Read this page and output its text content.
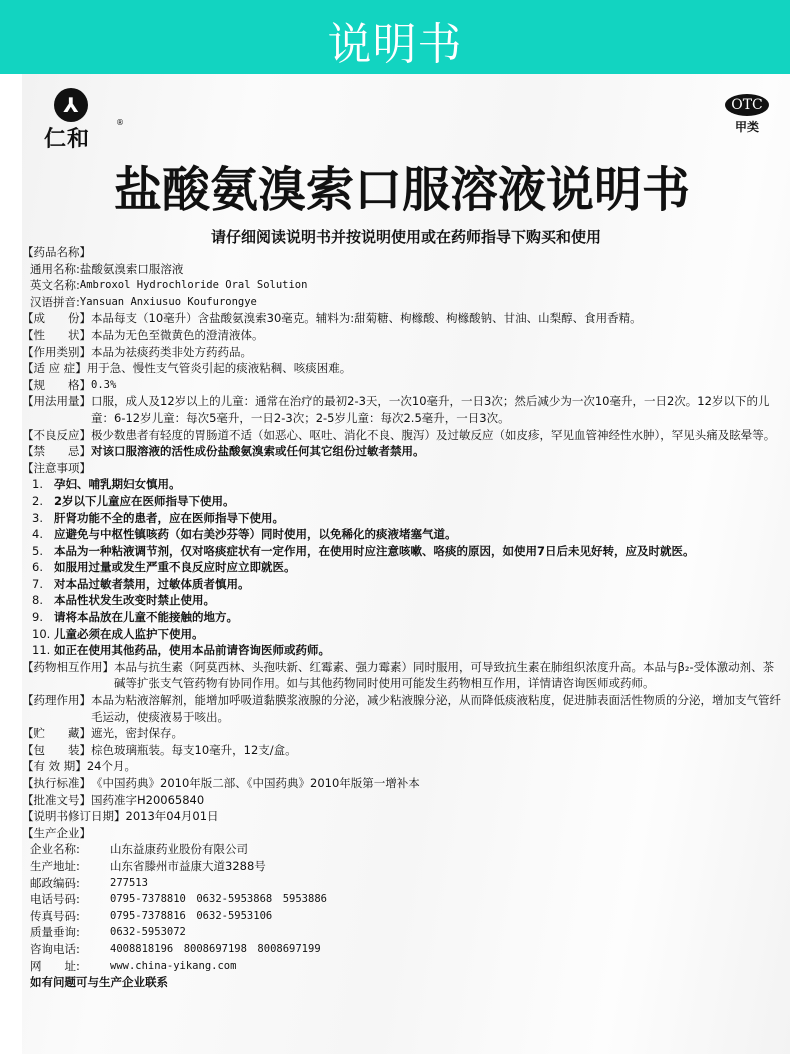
说明书
⅄
仁和
®
OTC
甲类
盐酸氨溴索口服溶液说明书
请仔细阅读说明书并按说明使用或在药师指导下购买和使用
【药品名称】
通用名称: 盐酸氨溴索口服溶液
英文名称: Ambroxol Hydrochloride Oral Solution
汉语拼音: Yansuan Anxiusuo Koufurongye
【成　　份】 本品每支（10毫升）含盐酸氨溴索30毫克。辅料为:甜菊糖、枸橼酸、枸橼酸钠、甘油、山梨醇、食用香精。
【性　　状】 本品为无色至微黄色的澄清液体。
【作用类别】 本品为祛痰药类非处方药药品。
【适 应 症】 用于急、慢性支气管炎引起的痰液粘稠、咳痰困难。
【规　　格】 0.3%
【用法用量】 口服，成人及12岁以上的儿童：通常在治疗的最初2-3天，一次10毫升，一日3次；然后减少为一次10毫升，一日2次。12岁以下的儿童：6-12岁儿童：每次5毫升，一日2-3次；2-5岁儿童：每次2.5毫升，一日3次。
【不良反应】 极少数患者有轻度的胃肠道不适（如恶心、呕吐、消化不良、腹泻）及过敏反应（如皮疹，罕见血管神经性水肿），罕见头痛及眩晕等。
【禁　　忌】 对该口服溶液的活性成份盐酸氨溴索或任何其它组份过敏者禁用。
【注意事项】
1. 孕妇、哺乳期妇女慎用。
2. 2岁以下儿童应在医师指导下使用。
3. 肝肾功能不全的患者，应在医师指导下使用。
4. 应避免与中枢性镇咳药（如右美沙芬等）同时使用，以免稀化的痰液堵塞气道。
5. 本品为一种粘液调节剂，仅对咯痰症状有一定作用，在使用时应注意咳嗽、咯痰的原因，如使用7日后未见好转，应及时就医。
6. 如服用过量或发生严重不良反应时应立即就医。
7. 对本品过敏者禁用，过敏体质者慎用。
8. 本品性状发生改变时禁止使用。
9. 请将本品放在儿童不能接触的地方。
10. 儿童必须在成人监护下使用。
11. 如正在使用其他药品，使用本品前请咨询医师或药师。
【药物相互作用】 本品与抗生素（阿莫西林、头孢呋新、红霉素、强力霉素）同时服用，可导致抗生素在肺组织浓度升高。本品与β₂-受体激动剂、茶碱等扩张支气管药物有协同作用。如与其他药物同时使用可能发生药物相互作用，详情请咨询医师或药师。
【药理作用】 本品为粘液溶解剂，能增加呼吸道黏膜浆液腺的分泌，减少粘液腺分泌，从而降低痰液粘度，促进肺表面活性物质的分泌，增加支气管纤毛运动，使痰液易于咳出。
【贮　　藏】 遮光，密封保存。
【包　　装】 棕色玻璃瓶装。每支10毫升，12支/盒。
【有 效 期】 24个月。
【执行标准】 《中国药典》2010年版二部、《中国药典》2010年版第一增补本
【批准文号】 国药准字H20065840
【说明书修订日期】 2013年04月01日
【生产企业】
企业名称:	山东益康药业股份有限公司
生产地址:	山东省滕州市益康大道3288号
邮政编码:	277513
电话号码:	0795-7378810　0632-5953868　5953886
传真号码:	0795-7378816　0632-5953106
质量垂询:	0632-5953072
咨询电话:	4008818196　8008697198　8008697199
网　　址:	www.china-yikang.com
如有问题可与生产企业联系
